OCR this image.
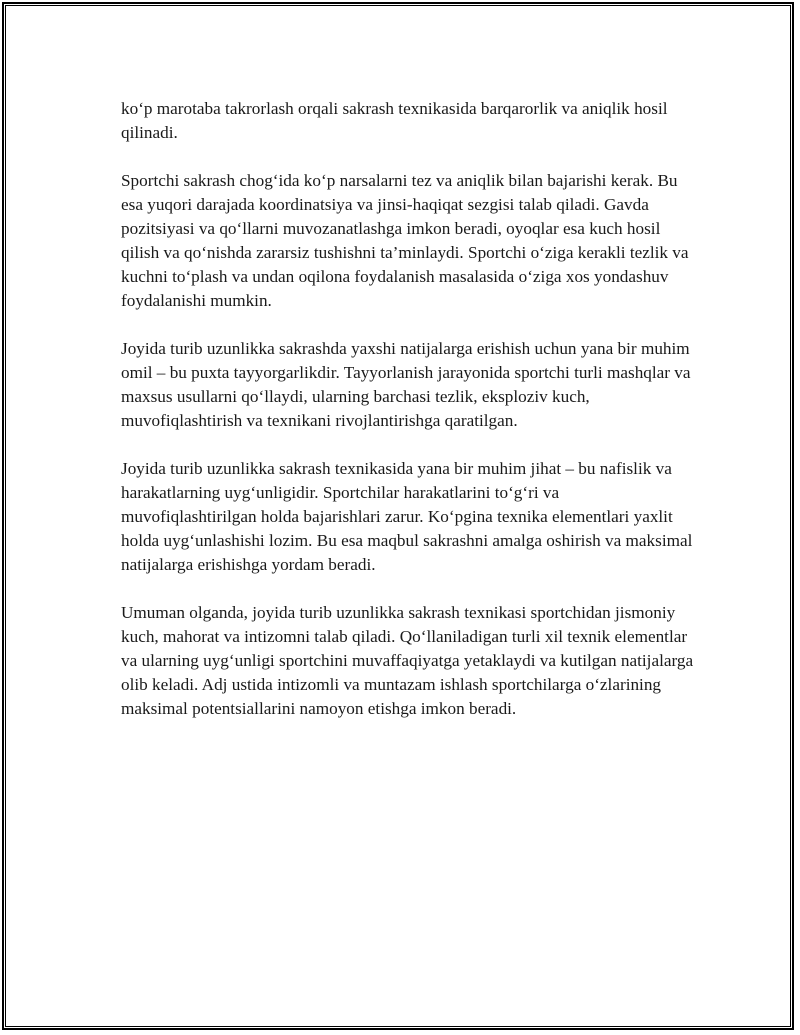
ko‘p marotaba takrorlash orqali sakrash texnikasida barqarorlik va aniqlik hosil qilinadi.

Sportchi sakrash chog‘ida ko‘p narsalarni tez va aniqlik bilan bajarishi kerak. Bu esa yuqori darajada koordinatsiya va jinsi-haqiqat sezgisi talab qiladi. Gavda pozitsiyasi va qo‘llarni muvozanatlashga imkon beradi, oyoqlar esa kuch hosil qilish va qo‘nishda zararsiz tushishni ta’minlaydi. Sportchi o‘ziga kerakli tezlik va kuchni to‘plash va undan oqilona foydalanish masalasida o‘ziga xos yondashuv foydalanishi mumkin.

Joyida turib uzunlikka sakrashda yaxshi natijalarga erishish uchun yana bir muhim omil – bu puxta tayyorgarlikdir. Tayyorlanish jarayonida sportchi turli mashqlar va maxsus usullarni qo‘llaydi, ularning barchasi tezlik, eksploziv kuch, muvofiqlashtirish va texnikani rivojlantirishga qaratilgan.

Joyida turib uzunlikka sakrash texnikasida yana bir muhim jihat – bu nafislik va harakatlarning uyg‘unligidir. Sportchilar harakatlarini to‘g‘ri va muvofiqlashtirilgan holda bajarishlari zarur. Ko‘pgina texnika elementlari yaxlit holda uyg‘unlashishi lozim. Bu esa maqbul sakrashni amalga oshirish va maksimal natijalarga erishishga yordam beradi.

Umuman olganda, joyida turib uzunlikka sakrash texnikasi sportchidan jismoniy kuch, mahorat va intizomni talab qiladi. Qo‘llaniladigan turli xil texnik elementlar va ularning uyg‘unligi sportchini muvaffaqiyatga yetaklaydi va kutilgan natijalarga olib keladi. Adj ustida intizomli va muntazam ishlash sportchilarga o‘zlarining maksimal potentsiallarini namoyon etishga imkon beradi.
